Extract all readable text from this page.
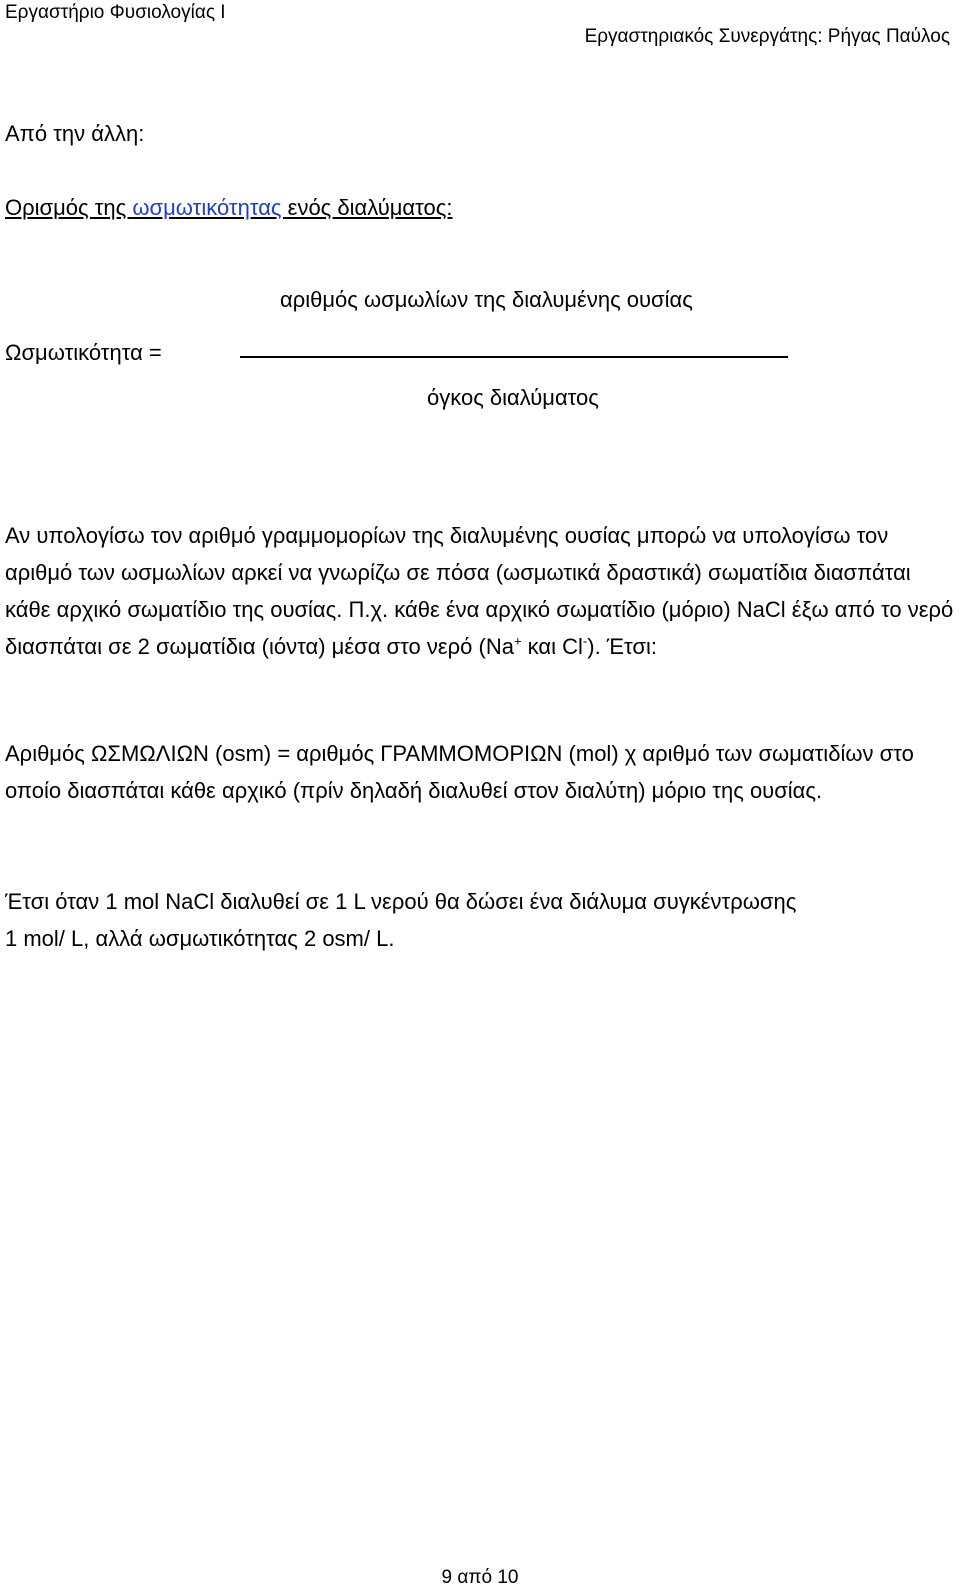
Εργαστήριο Φυσιολογίας Ι
Εργαστηριακός Συνεργάτης: Ρήγας Παύλος
Από την άλλη:
Ορισμός της ωσμωτικότητας ενός διαλύματος:
αριθμός ωσμωλίων της διαλυμένης ουσίας
Ωσμωτικότητα =
όγκος διαλύματος
Αν υπολογίσω τον αριθμό γραμμομορίων της διαλυμένης ουσίας μπορώ να υπολογίσω τον αριθμό των ωσμωλίων αρκεί να γνωρίζω σε πόσα (ωσμωτικά δραστικά) σωματίδια διασπάται κάθε αρχικό σωματίδιο της ουσίας. Π.χ. κάθε ένα αρχικό σωματίδιο (μόριο) NaCl έξω από το νερό διασπάται σε 2 σωματίδια (ιόντα) μέσα στο νερό (Na+ και Cl-). Έτσι:
Αριθμός ΩΣΜΩΛΙΩΝ (osm) = αριθμός ΓΡΑΜΜΟΜΟΡΙΩΝ (mol) χ αριθμό των σωματιδίων στο οποίο διασπάται κάθε αρχικό (πρίν δηλαδή διαλυθεί στον διαλύτη) μόριο της ουσίας.
Έτσι όταν 1 mol NaCl διαλυθεί σε 1 L νερού θα δώσει ένα διάλυμα συγκέντρωσης 1 mol/ L, αλλά ωσμωτικότητας 2 osm/ L.
9 από 10
